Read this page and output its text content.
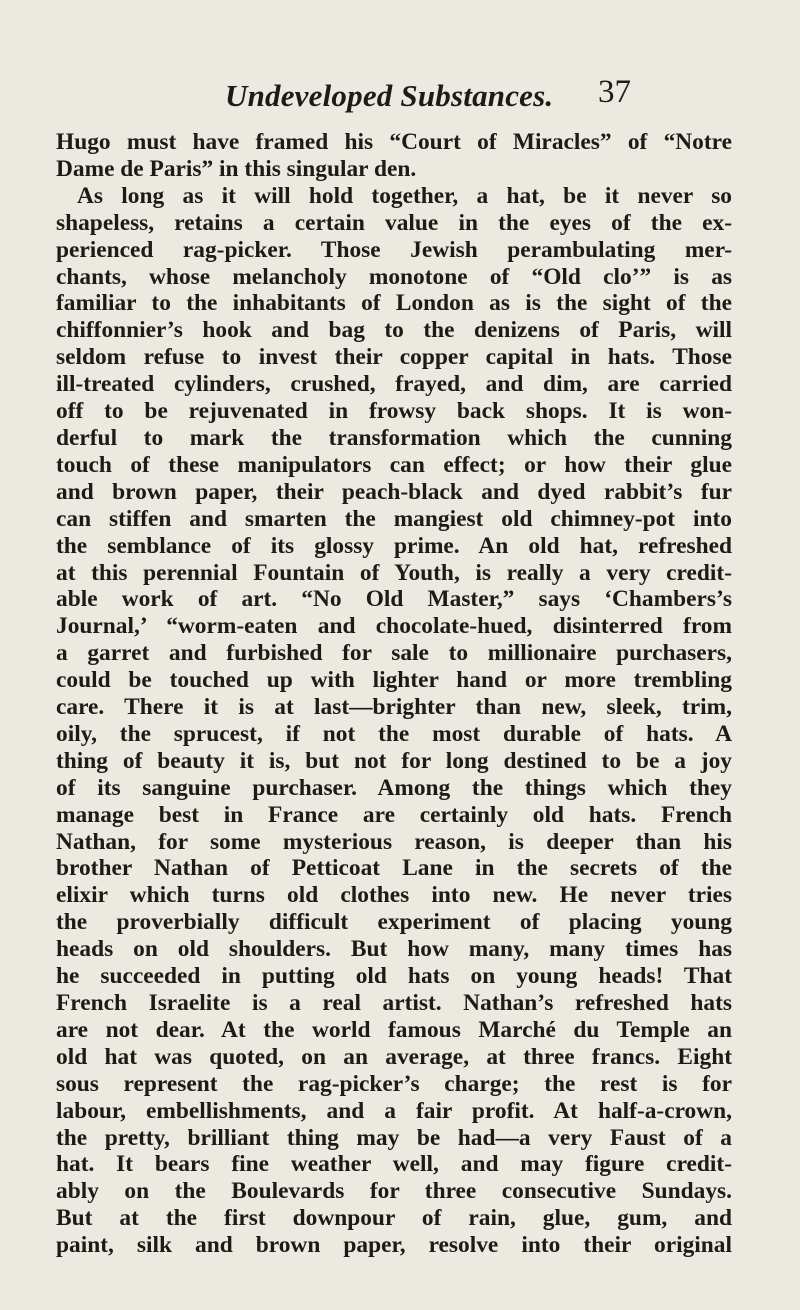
Undeveloped Substances. 37
Hugo must have framed his “Court of Miracles” of “Notre
Dame de Paris” in this singular den.
As long as it will hold together, a hat, be it never so
shapeless, retains a certain value in the eyes of the ex-
perienced rag-picker. Those Jewish perambulating mer-
chants, whose melancholy monotone of “Old clo’” is as
familiar to the inhabitants of London as is the sight of the
chiffonnier’s hook and bag to the denizens of Paris, will
seldom refuse to invest their copper capital in hats. Those
ill-treated cylinders, crushed, frayed, and dim, are carried
off to be rejuvenated in frowsy back shops. It is won-
derful to mark the transformation which the cunning
touch of these manipulators can effect; or how their glue
and brown paper, their peach-black and dyed rabbit’s fur
can stiffen and smarten the mangiest old chimney-pot into
the semblance of its glossy prime. An old hat, refreshed
at this perennial Fountain of Youth, is really a very credit-
able work of art. “No Old Master,” says ‘Chambers’s
Journal,’ “worm-eaten and chocolate-hued, disinterred from
a garret and furbished for sale to millionaire purchasers,
could be touched up with lighter hand or more trembling
care. There it is at last—brighter than new, sleek, trim,
oily, the sprucest, if not the most durable of hats. A
thing of beauty it is, but not for long destined to be a joy
of its sanguine purchaser. Among the things which they
manage best in France are certainly old hats. French
Nathan, for some mysterious reason, is deeper than his
brother Nathan of Petticoat Lane in the secrets of the
elixir which turns old clothes into new. He never tries
the proverbially difficult experiment of placing young
heads on old shoulders. But how many, many times has
he succeeded in putting old hats on young heads! That
French Israelite is a real artist. Nathan’s refreshed hats
are not dear. At the world famous Marché du Temple an
old hat was quoted, on an average, at three francs. Eight
sous represent the rag-picker’s charge; the rest is for
labour, embellishments, and a fair profit. At half-a-crown,
the pretty, brilliant thing may be had—a very Faust of a
hat. It bears fine weather well, and may figure credit-
ably on the Boulevards for three consecutive Sundays.
But at the first downpour of rain, glue, gum, and
paint, silk and brown paper, resolve into their original
